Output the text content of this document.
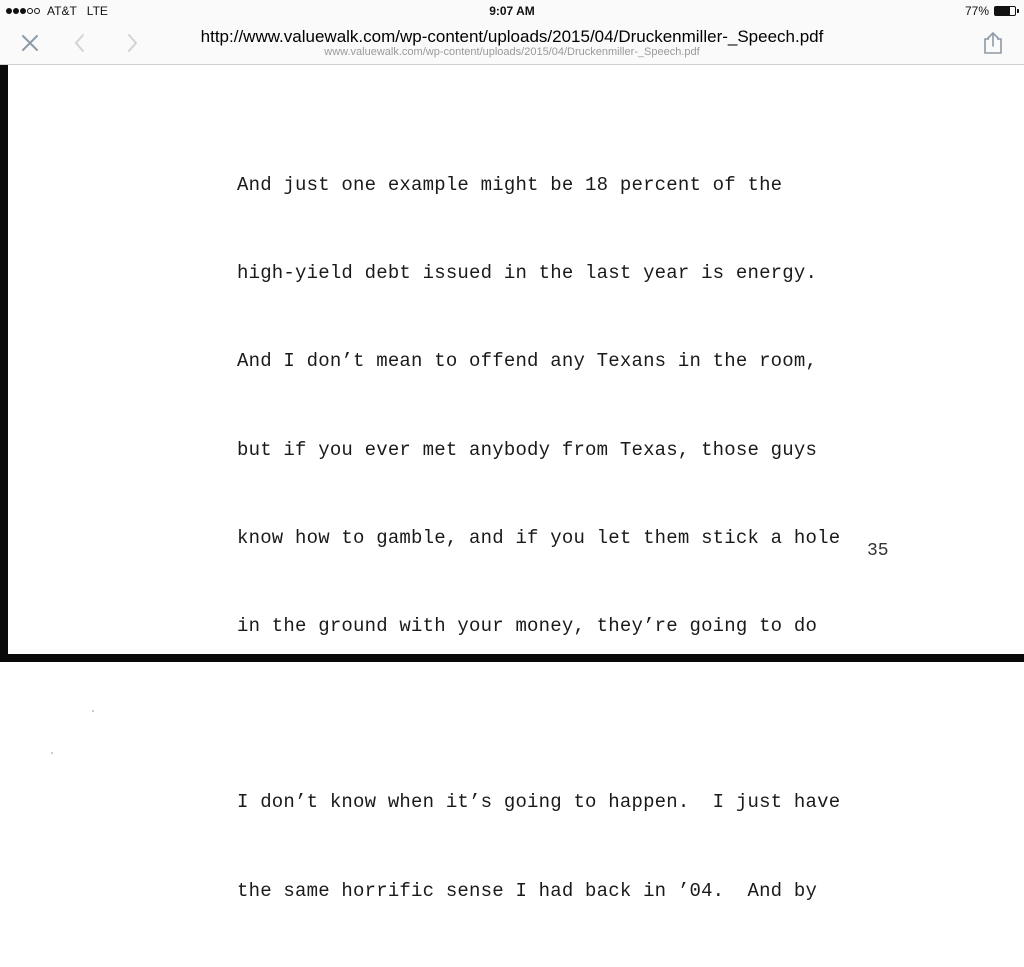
AT&T LTE	9:07 AM	77%
http://www.valuewalk.com/wp-content/uploads/2015/04/Druckenmiller-_Speech.pdf
www.valuewalk.com/wp-content/uploads/2015/04/Druckenmiller-_Speech.pdf

And just one example might be 18 percent of the

high-yield debt issued in the last year is energy.

And I don’t mean to offend any Texans in the room,

but if you ever met anybody from Texas, those guys

know how to gamble, and if you let them stick a hole

in the ground with your money, they’re going to do

I don’t know when it’s going to happen.  I just have

the same horrific sense I had back in ’04.  And by

35
